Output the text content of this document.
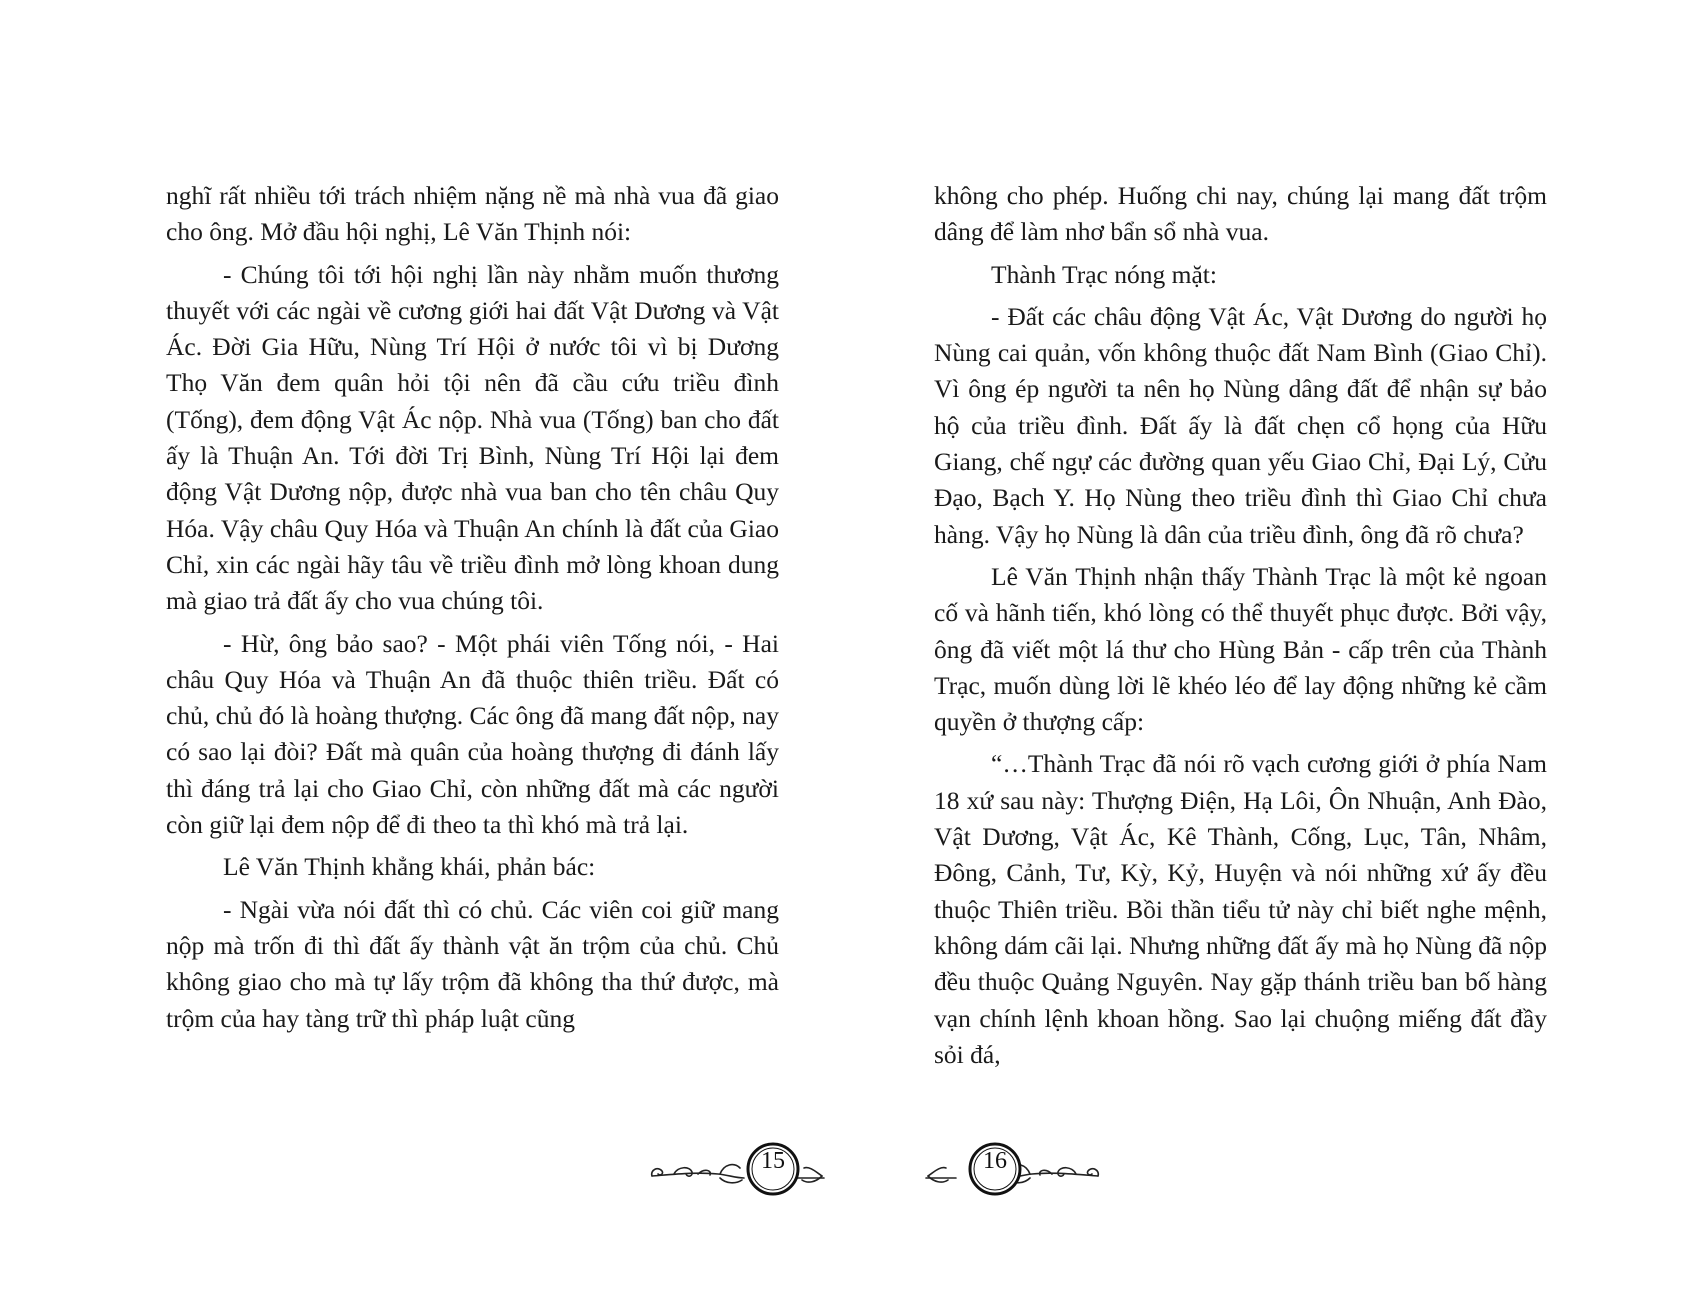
nghĩ rất nhiều tới trách nhiệm nặng nề mà nhà vua đã giao cho ông. Mở đầu hội nghị, Lê Văn Thịnh nói:

- Chúng tôi tới hội nghị lần này nhằm muốn thương thuyết với các ngài về cương giới hai đất Vật Dương và Vật Ác. Đời Gia Hữu, Nùng Trí Hội ở nước tôi vì bị Dương Thọ Văn đem quân hỏi tội nên đã cầu cứu triều đình (Tống), đem động Vật Ác nộp. Nhà vua (Tống) ban cho đất ấy là Thuận An. Tới đời Trị Bình, Nùng Trí Hội lại đem động Vật Dương nộp, được nhà vua ban cho tên châu Quy Hóa. Vậy châu Quy Hóa và Thuận An chính là đất của Giao Chỉ, xin các ngài hãy tâu về triều đình mở lòng khoan dung mà giao trả đất ấy cho vua chúng tôi.

- Hừ, ông bảo sao? - Một phái viên Tống nói, - Hai châu Quy Hóa và Thuận An đã thuộc thiên triều. Đất có chủ, chủ đó là hoàng thượng. Các ông đã mang đất nộp, nay có sao lại đòi? Đất mà quân của hoàng thượng đi đánh lấy thì đáng trả lại cho Giao Chỉ, còn những đất mà các người còn giữ lại đem nộp để đi theo ta thì khó mà trả lại.

Lê Văn Thịnh khẳng khái, phản bác:

- Ngài vừa nói đất thì có chủ. Các viên coi giữ mang nộp mà trốn đi thì đất ấy thành vật ăn trộm của chủ. Chủ không giao cho mà tự lấy trộm đã không tha thứ được, mà trộm của hay tàng trữ thì pháp luật cũng

không cho phép. Huống chi nay, chúng lại mang đất trộm dâng để làm nhơ bẩn sổ nhà vua.

Thành Trạc nóng mặt:

- Đất các châu động Vật Ác, Vật Dương do người họ Nùng cai quản, vốn không thuộc đất Nam Bình (Giao Chỉ). Vì ông ép người ta nên họ Nùng dâng đất để nhận sự bảo hộ của triều đình. Đất ấy là đất chẹn cổ họng của Hữu Giang, chế ngự các đường quan yếu Giao Chỉ, Đại Lý, Cửu Đạo, Bạch Y. Họ Nùng theo triều đình thì Giao Chỉ chưa hàng. Vậy họ Nùng là dân của triều đình, ông đã rõ chưa?

Lê Văn Thịnh nhận thấy Thành Trạc là một kẻ ngoan cố và hãnh tiến, khó lòng có thể thuyết phục được. Bởi vậy, ông đã viết một lá thư cho Hùng Bản - cấp trên của Thành Trạc, muốn dùng lời lẽ khéo léo để lay động những kẻ cầm quyền ở thượng cấp:

“…Thành Trạc đã nói rõ vạch cương giới ở phía Nam 18 xứ sau này: Thượng Điện, Hạ Lôi, Ôn Nhuận, Anh Đào, Vật Dương, Vật Ác, Kê Thành, Cống, Lục, Tân, Nhâm, Đông, Cảnh, Tư, Kỳ, Kỷ, Huyện và nói những xứ ấy đều thuộc Thiên triều. Bồi thần tiểu tử này chỉ biết nghe mệnh, không dám cãi lại. Nhưng những đất ấy mà họ Nùng đã nộp đều thuộc Quảng Nguyên. Nay gặp thánh triều ban bố hàng vạn chính lệnh khoan hồng. Sao lại chuộng miếng đất đầy sỏi đá,

15	16
